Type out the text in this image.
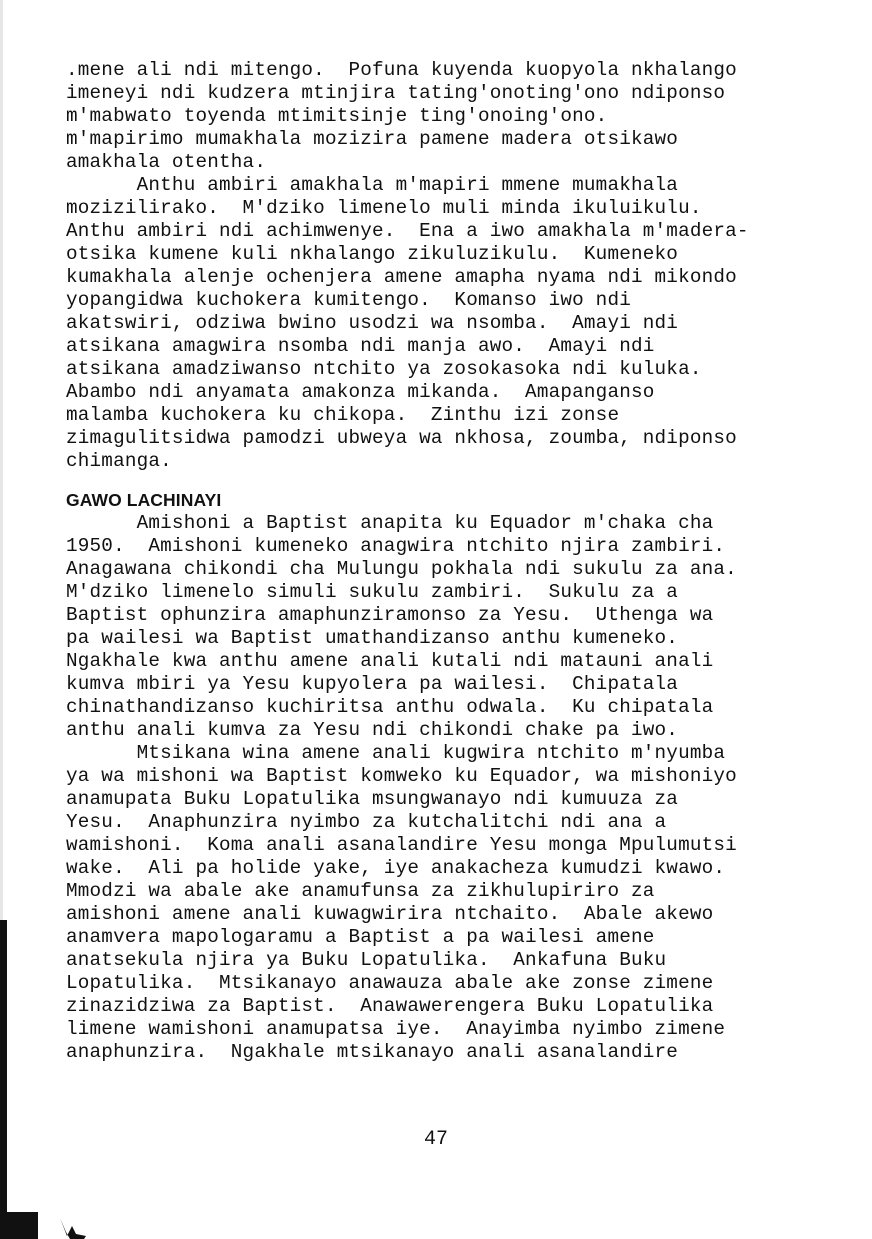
.mene ali ndi mitengo.  Pofuna kuyenda kuopyola nkhalango
imeneyi ndi kudzera mtinjira tating'onoting'ono ndiponso
m'mabwato toyenda mtimitsinje ting'onoing'ono.
m'mapirimo mumakhala mozizira pamene madera otsikawo
amakhala otentha.
Anthu ambiri amakhala m'mapiri mmene mumakhala
mozizilirako.  M'dziko limenelo muli minda ikuluikulu.
Anthu ambiri ndi achimwenye.  Ena a iwo amakhala m'madera-
otsika kumene kuli nkhalango zikuluzikulu.  Kumeneko
kumakhala alenje ochenjera amene amapha nyama ndi mikondo
yopangidwa kuchokera kumitengo.  Komanso iwo ndi
akatswiri, odziwa bwino usodzi wa nsomba.  Amayi ndi
atsikana amagwira nsomba ndi manja awo.  Amayi ndi
atsikana amadziwanso ntchito ya zosokasoka ndi kuluka.
Abambo ndi anyamata amakonza mikanda.  Amapanganso
malamba kuchokera ku chikopa.  Zinthu izi zonse
zimagulitsidwa pamodzi ubweya wa nkhosa, zoumba, ndiponso
chimanga.
GAWO LACHINAYI
Amishoni a Baptist anapita ku Equador m'chaka cha
1950.  Amishoni kumeneko anagwira ntchito njira zambiri.
Anagawana chikondi cha Mulungu pokhala ndi sukulu za ana.
M'dziko limenelo simuli sukulu zambiri.  Sukulu za a
Baptist ophunzira amaphunziramonso za Yesu.  Uthenga wa
pa wailesi wa Baptist umathandizanso anthu kumeneko.
Ngakhale kwa anthu amene anali kutali ndi matauni anali
kumva mbiri ya Yesu kupyolera pa wailesi.  Chipatala
chinathandizanso kuchiritsa anthu odwala.  Ku chipatala
anthu anali kumva za Yesu ndi chikondi chake pa iwo.
Mtsikana wina amene anali kugwira ntchito m'nyumba
ya wa mishoni wa Baptist komweko ku Equador, wa mishoniyo
anamupata Buku Lopatulika msungwanayo ndi kumuuza za
Yesu.  Anaphunzira nyimbo za kutchalitchi ndi ana a
wamishoni.  Koma anali asanalandire Yesu monga Mpulumutsi
wake.  Ali pa holide yake, iye anakacheza kumudzi kwawo.
Mmodzi wa abale ake anamufunsa za zikhulupiriro za
amishoni amene anali kuwagwirira ntchaito.  Abale akewo
anamvera mapologaramu a Baptist a pa wailesi amene
anatsekula njira ya Buku Lopatulika.  Ankafuna Buku
Lopatulika.  Mtsikanayo anawauza abale ake zonse zimene
zinazidziwa za Baptist.  Anawawerengera Buku Lopatulika
limene wamishoni anamupatsa iye.  Anayimba nyimbo zimene
anaphunzira.  Ngakhale mtsikanayo anali asanalandire
47
